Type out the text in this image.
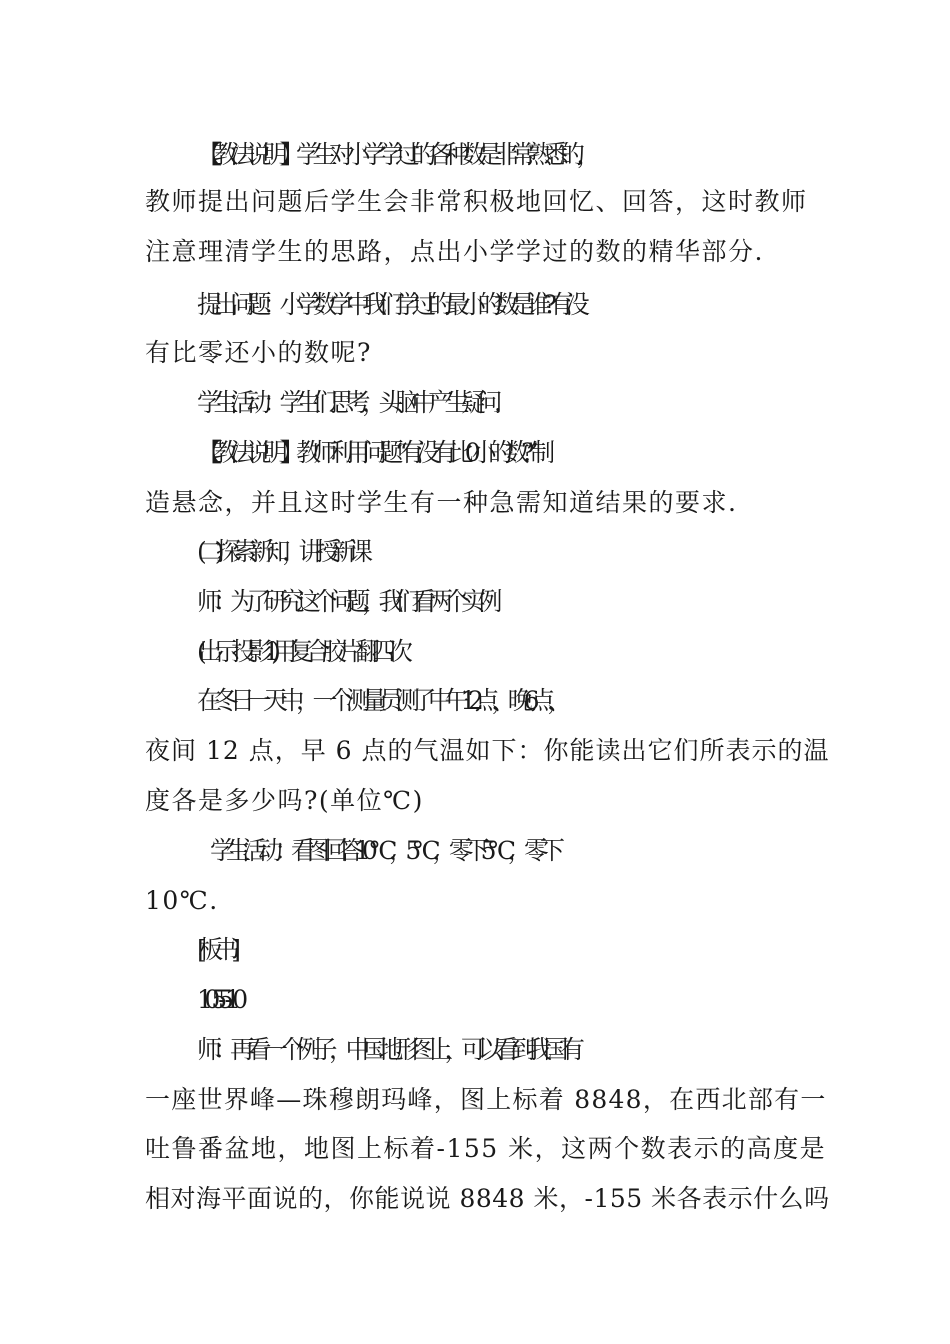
【教法说明】学生对小学学过的各种数是非常熟悉的，
教师提出问题后学生会非常积极地回忆、回答，这时教师
注意理清学生的思路，点出小学学过的数的精华部分.
提出问题：小学数学中我们学过的最小的数是谁?有没
有比零还小的数呢?
学生活动：学生们思考，头脑中产生疑问.
【教法说明】教师利用问题“有没有比 0 小的数?”制
造悬念，并且这时学生有一种急需知道结果的要求.
(二)探索新知，讲授新课
师：为了研究这个问题，我们看两个实例
(出示投影 1)用复合胶片翻四次
在冬日一天中，一个测量员测了中午 12 点，晚 6 点，
夜间 12 点，早 6 点的气温如下：你能读出它们所表示的温
度各是多少吗?(单位℃)
学 生 活 动：看 图 回 答 10℃，5℃，零 下 5℃，零 下
10℃.
[板书]
10 5 -5 -10
师：再看一个例子，中国地形图上，可以看到我国有
一座世界峰—珠穆朗玛峰，图上标着 8848，在西北部有一
吐鲁番盆地，地图上标着-155 米，这两个数表示的高度是
相对海平面说的，你能说说 8848 米，-155 米各表示什么吗
